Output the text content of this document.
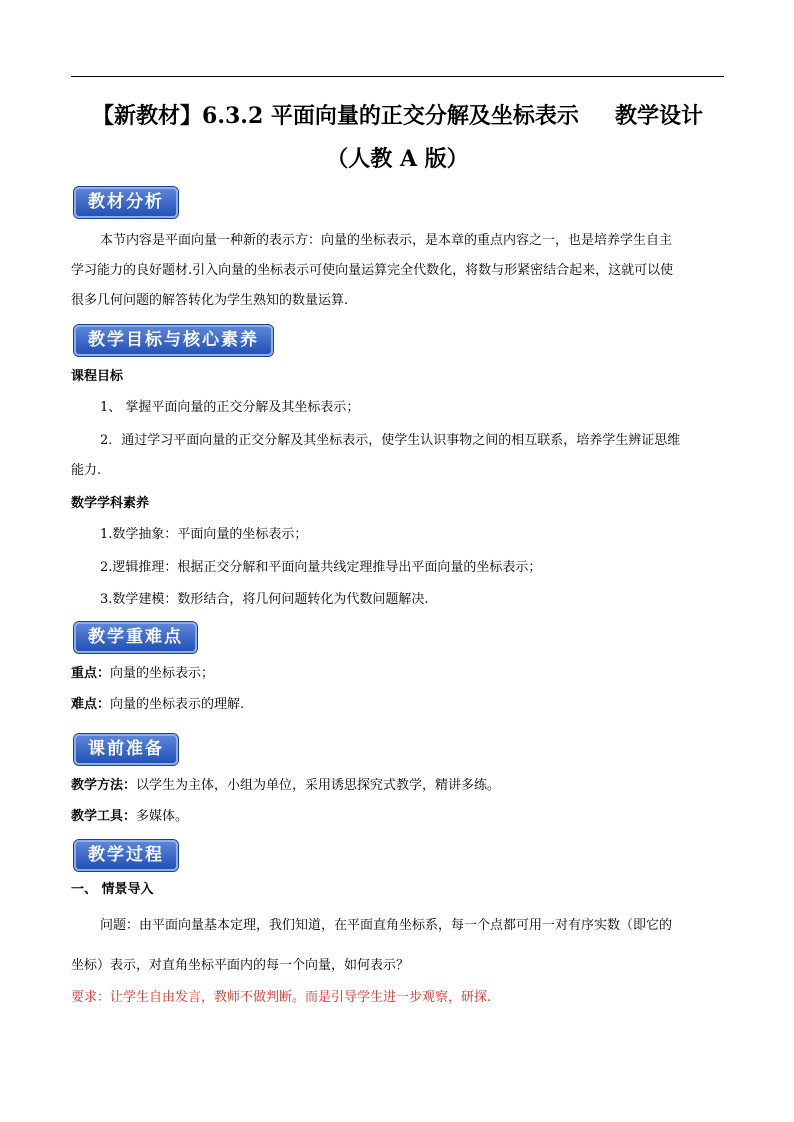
【新教材】6.3.2 平面向量的正交分解及坐标表示 教学设计
（人教 A 版）
教材分析
本节内容是平面向量一种新的表示方：向量的坐标表示，是本章的重点内容之一，也是培养学生自主
学习能力的良好题材.引入向量的坐标表示可使向量运算完全代数化，将数与形紧密结合起来，这就可以使
很多几何问题的解答转化为学生熟知的数量运算.
教学目标与核心素养
课程目标
1、 掌握平面向量的正交分解及其坐标表示；
2．通过学习平面向量的正交分解及其坐标表示，使学生认识事物之间的相互联系，培养学生辨证思维
能力.
数学学科素养
1.数学抽象：平面向量的坐标表示；
2.逻辑推理：根据正交分解和平面向量共线定理推导出平面向量的坐标表示；
3.数学建模：数形结合，将几何问题转化为代数问题解决.
教学重难点
重点：向量的坐标表示；
难点：向量的坐标表示的理解.
课前准备
教学方法：以学生为主体，小组为单位，采用诱思探究式教学，精讲多练。
教学工具：多媒体。
教学过程
一、 情景导入
问题：由平面向量基本定理，我们知道，在平面直角坐标系，每一个点都可用一对有序实数（即它的
坐标）表示，对直角坐标平面内的每一个向量，如何表示？
要求：让学生自由发言，教师不做判断。而是引导学生进一步观察，研探.
